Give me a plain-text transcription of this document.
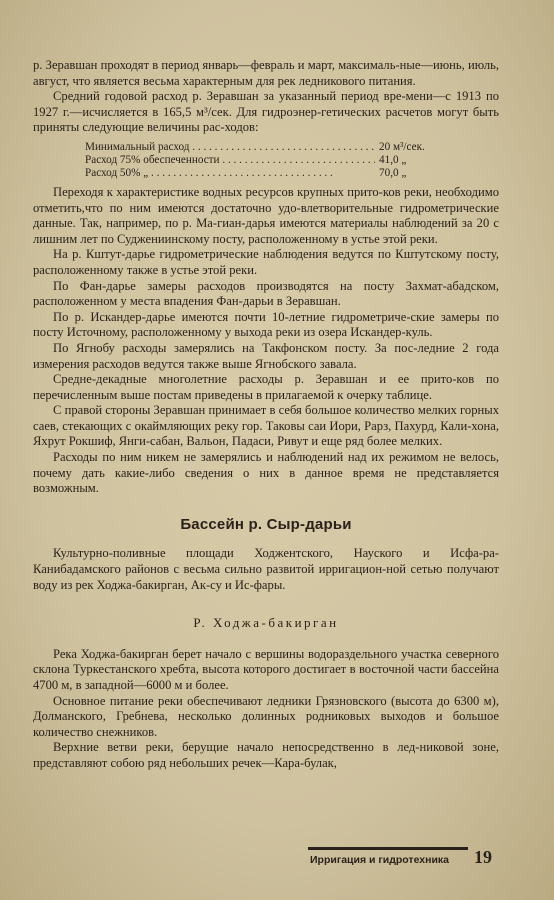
р. Зеравшан проходят в период январь—февраль и март, максималь-ные—июнь, июль, август, что является весьма характерным для рек ледникового питания.

Средний годовой расход р. Зеравшан за указанный период вре-мени—с 1913 по 1927 г.—исчисляется в 165,5 м³/сек. Для гидроэнер-гетических расчетов могут быть приняты следующие величины рас-ходов:

Минимальный расход . . .	20 м³/сек.
Расход 75% обеспеченности . . .	41,0 „
Расход 50% „ . . .	70,0 „

Переходя к характеристике водных ресурсов крупных прито-ков реки, необходимо отметить,что по ним имеются достаточно удо-влетворительные гидрометрические данные. Так, например, по р. Ма-гиан-дарья имеются материалы наблюдений за 20 с лишним лет по Суджениинскому посту, расположенному в устье этой реки.

На р. Кштут-дарье гидрометрические наблюдения ведутся по Кштутскому посту, расположенному также в устье этой реки.

По Фан-дарье замеры расходов производятся на посту Захмат-абадском, расположенном у места впадения Фан-дарьи в Зеравшан.

По р. Искандер-дарье имеются почти 10-летние гидрометриче-ские замеры по посту Источному, расположенному у выхода реки из озера Искандер-куль.

По Ягнобу расходы замерялись на Такфонском посту. За пос-ледние 2 года измерения расходов ведутся также выше Ягнобского завала.

Средне-декадные многолетние расходы р. Зеравшан и ее прито-ков по перечисленным выше постам приведены в прилагаемой к очерку таблице.

С правой стороны Зеравшан принимает в себя большое количество мелких горных саев, стекающих с окаймляющих реку гор. Таковы саи Иори, Рарз, Пахурд, Кали-хона, Яхрут Рокшиф, Янги-сабан, Вальон, Падаси, Ривут и еще ряд более мелких.

Расходы по ним никем не замерялись и наблюдений над их режимом не велось, почему дать какие-либо сведения о них в данное время не представляется возможным.

Бассейн р. Сыр-дарьи

Культурно-поливные площади Ходжентского, Науского и Исфа-ра-Канибадамского районов с весьма сильно развитой ирригацион-ной сетью получают воду из рек Ходжа-бакирган, Ак-су и Ис-фары.

Р. Ходжа-бакирган

Река Ходжа-бакирган берет начало с вершины водораздельного участка северного склона Туркестанского хребта, высота которого достигает в восточной части бассейна 4700 м, в западной—6000 м и более.

Основное питание реки обеспечивают ледники Грязновского (высота до 6300 м), Долманского, Гребнева, несколько долинных родниковых выходов и большое количество снежников.

Верхние ветви реки, берущие начало непосредственно в лед-никовой зоне, представляют собою ряд небольших речек—Кара-булак,

Ирригация и гидротехника 19
